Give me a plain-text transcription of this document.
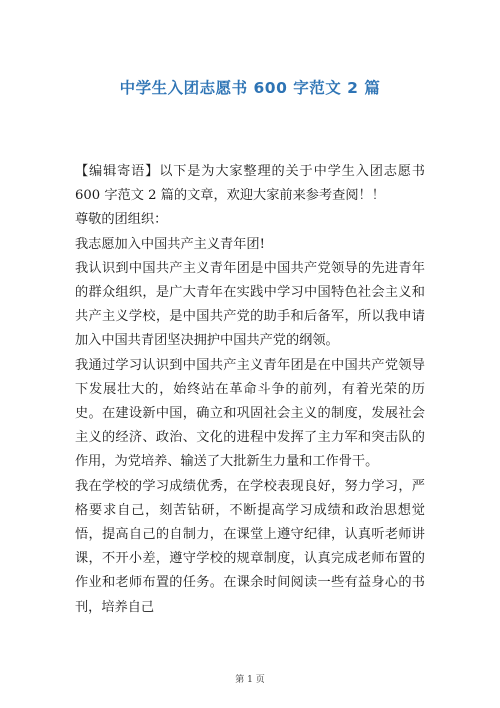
中学生入团志愿书 600 字范文 2 篇

【编辑寄语】以下是为大家整理的关于中学生入团志愿书 600 字范文 2 篇的文章，欢迎大家前来参考查阅！！

尊敬的团组织：

我志愿加入中国共产主义青年团!

我认识到中国共产主义青年团是中国共产党领导的先进青年的群众组织，是广大青年在实践中学习中国特色社会主义和共产主义学校，是中国共产党的助手和后备军，所以我申请加入中国共青团坚决拥护中国共产党的纲领。

我通过学习认识到中国共产主义青年团是在中国共产党领导下发展壮大的，始终站在革命斗争的前列，有着光荣的历史。在建设新中国，确立和巩固社会主义的制度，发展社会主义的经济、政治、文化的进程中发挥了主力军和突击队的作用，为党培养、输送了大批新生力量和工作骨干。

我在学校的学习成绩优秀，在学校表现良好，努力学习，严格要求自己，刻苦钻研，不断提高学习成绩和政治思想觉悟，提高自己的自制力，在课堂上遵守纪律，认真听老师讲课，不开小差，遵守学校的规章制度，认真完成老师布置的作业和老师布置的任务。在课余时间阅读一些有益身心的书刊，培养自己

第 1 页
